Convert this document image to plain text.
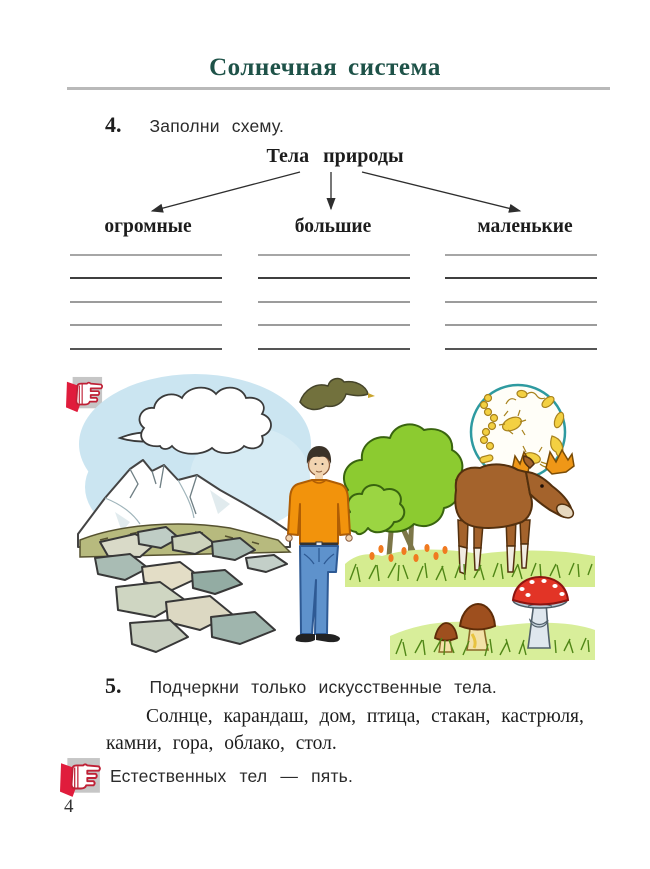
Солнечная система
4. Заполни схему.
Тела природы
огромные	большие	маленькие
5. Подчеркни только искусственные тела.
Солнце, карандаш, дом, птица, стакан, кастрюля,
камни, гора, облако, стол.
Естественных тел — пять.
4
